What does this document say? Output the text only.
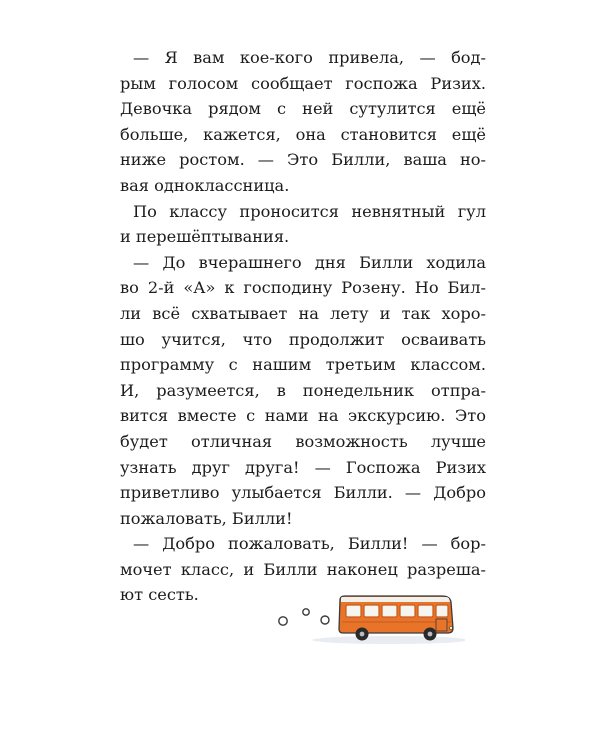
— Я вам кое-кого привела, — бод-
рым голосом сообщает госпожа Ризих.
Девочка рядом с ней сутулится ещё
больше, кажется, она становится ещё
ниже ростом. — Это Билли, ваша но-
вая одноклассница.
По классу проносится невнятный гул
и перешёптывания.
— До вчерашнего дня Билли ходила
во 2-й «А» к господину Розену. Но Бил-
ли всё схватывает на лету и так хоро-
шо учится, что продолжит осваивать
программу с нашим третьим классом.
И, разумеется, в понедельник отпра-
вится вместе с нами на экскурсию. Это
будет отличная возможность лучше
узнать друг друга! — Госпожа Ризих
приветливо улыбается Билли. — Добро
пожаловать, Билли!
— Добро пожаловать, Билли! — бор-
мочет класс, и Билли наконец разреша-
ют сесть.
